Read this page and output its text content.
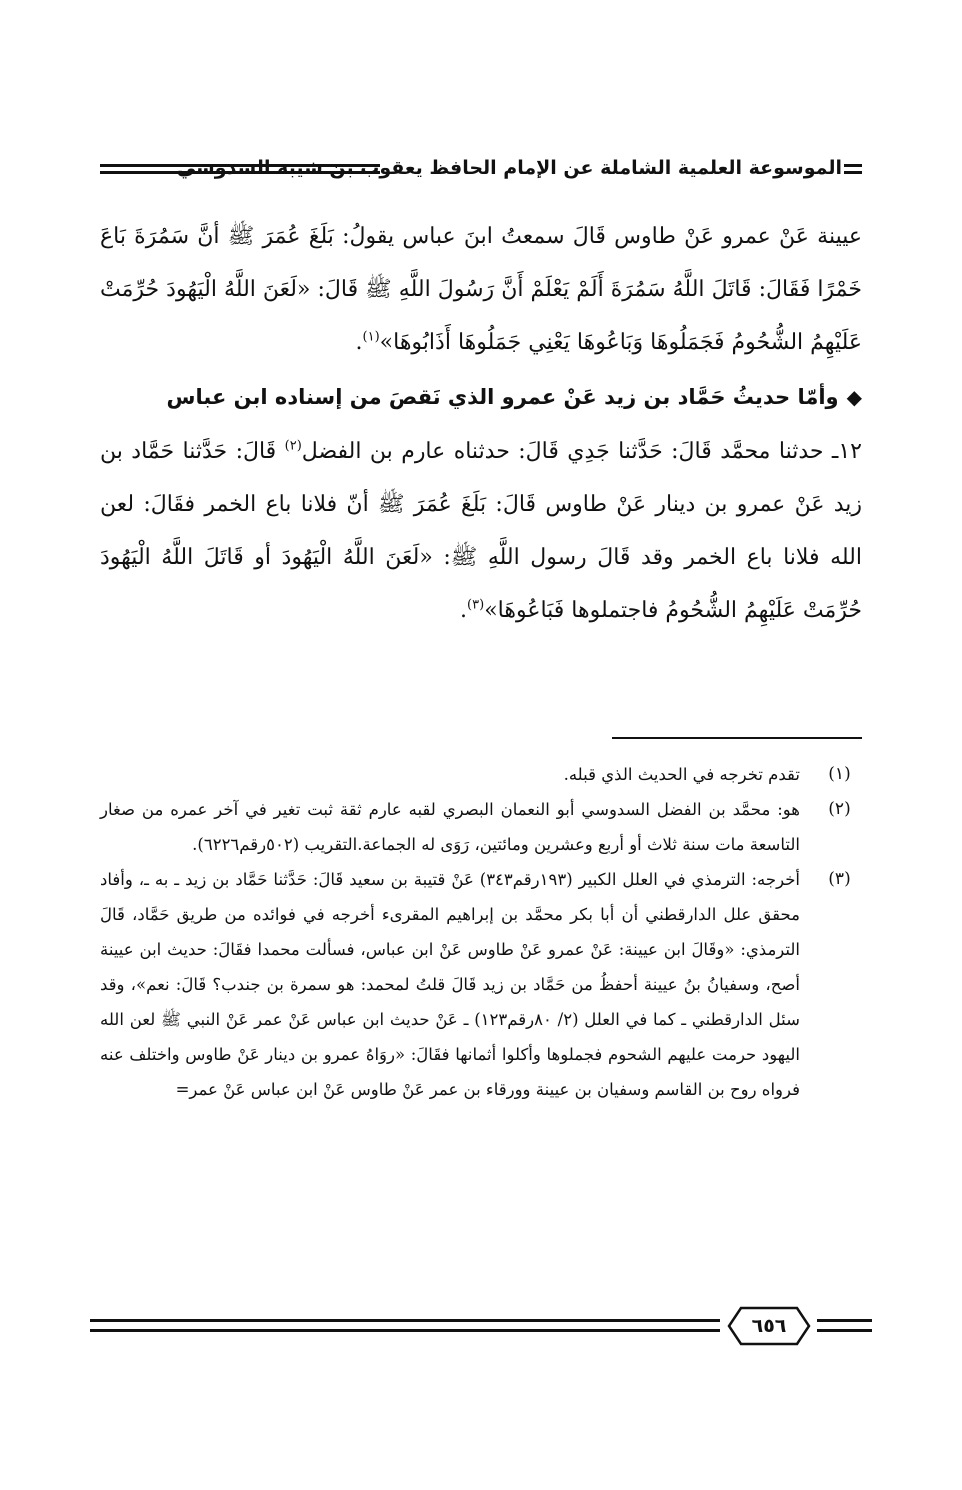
الموسوعة العلمية الشاملة عن الإمام الحافظ يعقوب بن شيبة السدوسي

عيينة عَنْ عمرو عَنْ طاوس قَالَ سمعتُ ابنَ عباس يقولُ: بَلَغَ عُمَرَ ﷺ أنَّ سَمُرَةَ بَاعَ خَمْرًا فَقَالَ: قَاتَلَ اللَّهُ سَمُرَةَ أَلَمْ يَعْلَمْ أَنَّ رَسُولَ اللَّهِ ﷺ قَالَ: «لَعَنَ اللَّهُ الْيَهُودَ حُرِّمَتْ عَلَيْهِمُ الشُّحُومُ فَجَمَلُوهَا وَبَاعُوهَا يَعْنِي جَمَلُوهَا أَذَابُوهَا»$^{(١)}$.

◆وأمّا حديثُ حَمَّاد بن زيد عَنْ عمرو الذي نَقصَ من إسناده ابن عباس

١٢ـ حدثنا محمَّد قَالَ: حَدَّثنا جَدِي قَالَ: حدثناه عارم بن الفضل$^{(٢)}$ قَالَ: حَدَّثنا حَمَّاد بن زيد عَنْ عمرو بن دينار عَنْ طاوس قَالَ: بَلَغَ عُمَرَ ﷺ أنّ فلانا باع الخمر فقَالَ: لعن الله فلانا باع الخمر وقد قَالَ رسول اللَّهِ ﷺ: «لَعَنَ اللَّهُ الْيَهُودَ أو قَاتَلَ اللَّهُ الْيَهُودَ حُرِّمَتْ عَلَيْهِمُ الشُّحُومُ فاجتملوها فَبَاعُوهَا»$^{(٣)}$.

(١)

تقدم تخرجه في الحديث الذي قبله.

(٢)

هو: محمَّد بن الفضل السدوسي أبو النعمان البصري لقبه عارم ثقة ثبت تغير في آخر عمره من صغار التاسعة مات سنة ثلاث أو أربع وعشرين ومائتين، رَوَى له الجماعة.التقريب (٥٠٢رقم٦٢٢٦).

(٣)

أخرجه: الترمذي في العلل الكبير (١٩٣رقم٣٤٣) عَنْ قتيبة بن سعيد قَالَ: حَدَّثنا حَمَّاد بن زيد ـ به ـ، وأفاد محقق علل الدارقطني أن أبا بكر محمَّد بن إبراهيم المقرىء أخرجه في فوائده من طريق حَمَّاد، قَالَ الترمذي: «وقَالَ ابن عيينة: عَنْ عمرو عَنْ طاوس عَنْ ابن عباس، فسألت محمدا فقَالَ: حديث ابن عيينة أصح، وسفيانُ بنُ عيينة أحفظُ من حَمَّاد بن زيد قَالَ قلتُ لمحمد: هو سمرة بن جندب؟ قَالَ: نعم»، وقد سئل الدارقطني ـ كما في العلل (٢/ ٨٠رقم١٢٣) ـ عَنْ حديث ابن عباس عَنْ عمر عَنْ النبي ﷺ لعن الله اليهود حرمت عليهم الشحوم فجملوها وأكلوا أثمانها فقَالَ: «روَاهُ عمرو بن دينار عَنْ طاوس واختلف عنه فرواه روح بن القاسم وسفيان بن عيينة وورقاء بن عمر عَنْ طاوس عَنْ ابن عباس عَنْ عمر=

٦٥٦
